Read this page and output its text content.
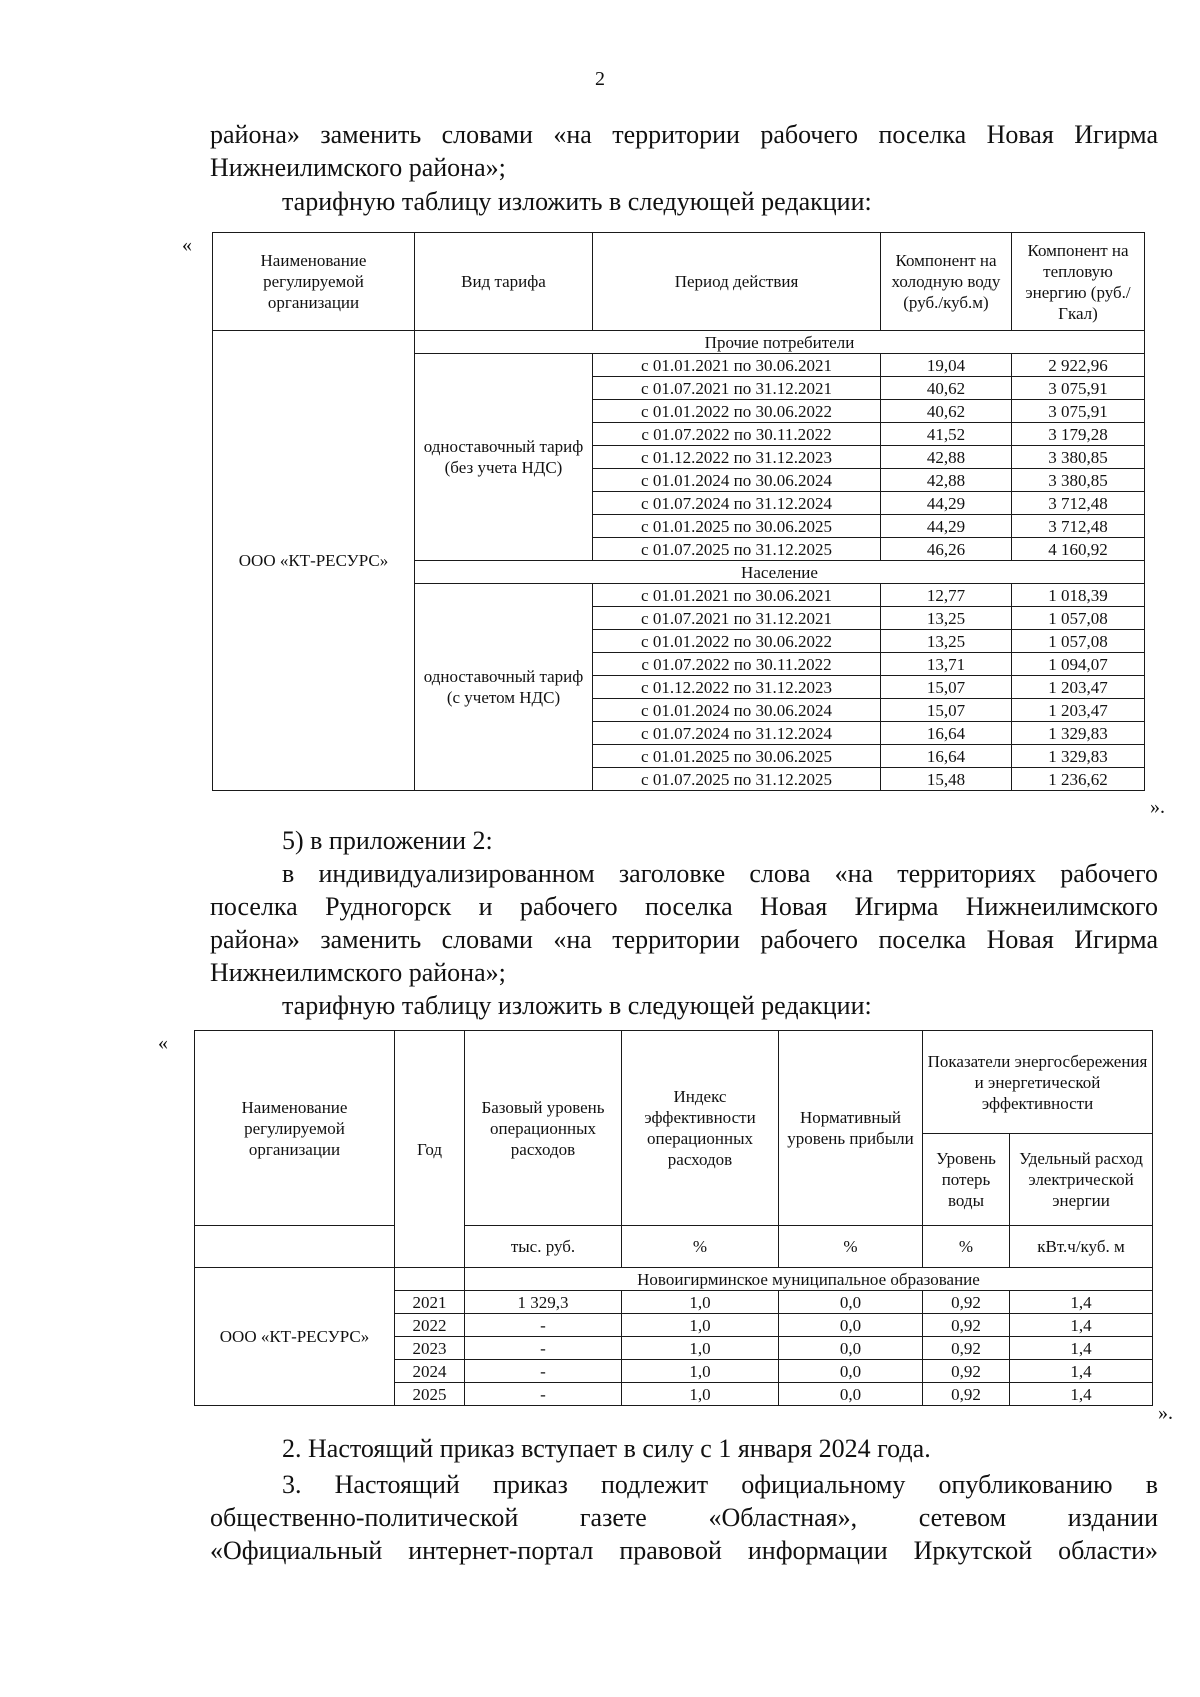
2
района» заменить словами «на территории рабочего поселка Новая Игирма
Нижнеилимского района»;
тарифную таблицу изложить в следующей редакции:
«
Наименование регулируемой организации	Вид тарифа	Период действия	Компонент на холодную воду (руб./куб.м)	Компонент на тепловую энергию (руб./Гкал)
ООО «КТ-РЕСУРС»	Прочие потребители			
	одноставочный тариф (без учета НДС)	с 01.01.2021 по 30.06.2021	19,04	2 922,96
		с 01.07.2021 по 31.12.2021	40,62	3 075,91
		с 01.01.2022 по 30.06.2022	40,62	3 075,91
		с 01.07.2022 по 30.11.2022	41,52	3 179,28
		с 01.12.2022 по 31.12.2023	42,88	3 380,85
		с 01.01.2024 по 30.06.2024	42,88	3 380,85
		с 01.07.2024 по 31.12.2024	44,29	3 712,48
		с 01.01.2025 по 30.06.2025	44,29	3 712,48
		с 01.07.2025 по 31.12.2025	46,26	4 160,92
	Население			
	одноставочный тариф (с учетом НДС)	с 01.01.2021 по 30.06.2021	12,77	1 018,39
		с 01.07.2021 по 31.12.2021	13,25	1 057,08
		с 01.01.2022 по 30.06.2022	13,25	1 057,08
		с 01.07.2022 по 30.11.2022	13,71	1 094,07
		с 01.12.2022 по 31.12.2023	15,07	1 203,47
		с 01.01.2024 по 30.06.2024	15,07	1 203,47
		с 01.07.2024 по 31.12.2024	16,64	1 329,83
		с 01.01.2025 по 30.06.2025	16,64	1 329,83
		с 01.07.2025 по 31.12.2025	15,48	1 236,62
».
5) в приложении 2:
в индивидуализированном заголовке слова «на территориях рабочего
поселка Рудногорск и рабочего поселка Новая Игирма Нижнеилимского
района» заменить словами «на территории рабочего поселка Новая Игирма
Нижнеилимского района»;
тарифную таблицу изложить в следующей редакции:
«
Наименование регулируемой организации	Год	Базовый уровень операционных расходов	Индекс эффективности операционных расходов	Нормативный уровень прибыли	Показатели энергосбережения и энергетической эффективности	
					Уровень потерь воды	Удельный расход электрической энергии
		тыс. руб.	%	%	%	кВт.ч/куб. м
ООО «КТ-РЕСУРС»		Новоигирминское муниципальное образование				
	2021	1 329,3	1,0	0,0	0,92	1,4
	2022	-	1,0	0,0	0,92	1,4
	2023	-	1,0	0,0	0,92	1,4
	2024	-	1,0	0,0	0,92	1,4
	2025	-	1,0	0,0	0,92	1,4
».
2. Настоящий приказ вступает в силу с 1 января 2024 года.
3. Настоящий приказ подлежит официальному опубликованию в
общественно-политической газете «Областная», сетевом издании
«Официальный интернет-портал правовой информации Иркутской области»
